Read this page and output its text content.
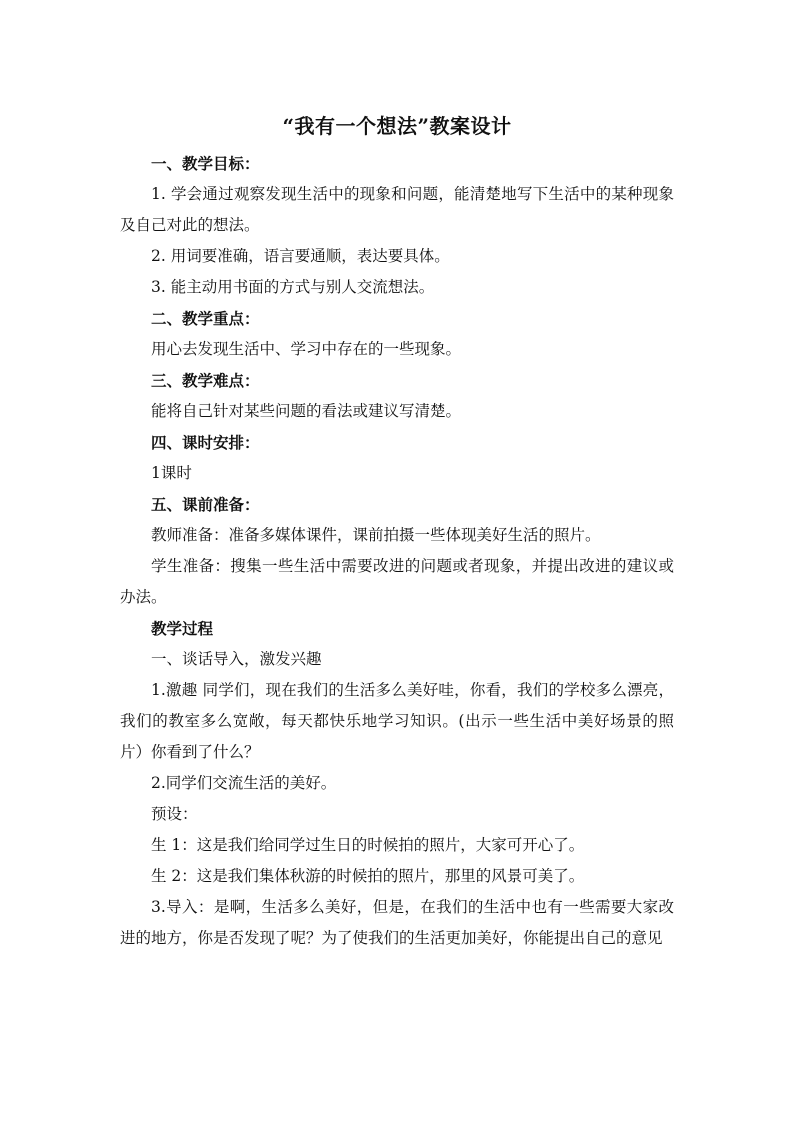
“我有一个想法”教案设计

一、教学目标：

1. 学会通过观察发现生活中的现象和问题，能清楚地写下生活中的某种现象及自己对此的想法。

2. 用词要准确，语言要通顺，表达要具体。

3. 能主动用书面的方式与别人交流想法。

二、教学重点：

用心去发现生活中、学习中存在的一些现象。

三、教学难点：

能将自己针对某些问题的看法或建议写清楚。

四、课时安排：

1课时

五、课前准备：

教师准备：准备多媒体课件，课前拍摄一些体现美好生活的照片。

学生准备：搜集一些生活中需要改进的问题或者现象，并提出改进的建议或办法。

教学过程

一、谈话导入，激发兴趣

1.激趣 同学们，现在我们的生活多么美好哇，你看，我们的学校多么漂亮，我们的教室多么宽敞，每天都快乐地学习知识。(出示一些生活中美好场景的照片）你看到了什么？

2.同学们交流生活的美好。

预设：

生 1：这是我们给同学过生日的时候拍的照片，大家可开心了。

生 2：这是我们集体秋游的时候拍的照片，那里的风景可美了。

3.导入：是啊，生活多么美好，但是，在我们的生活中也有一些需要大家改进的地方，你是否发现了呢？为了使我们的生活更加美好，你能提出自己的意见
